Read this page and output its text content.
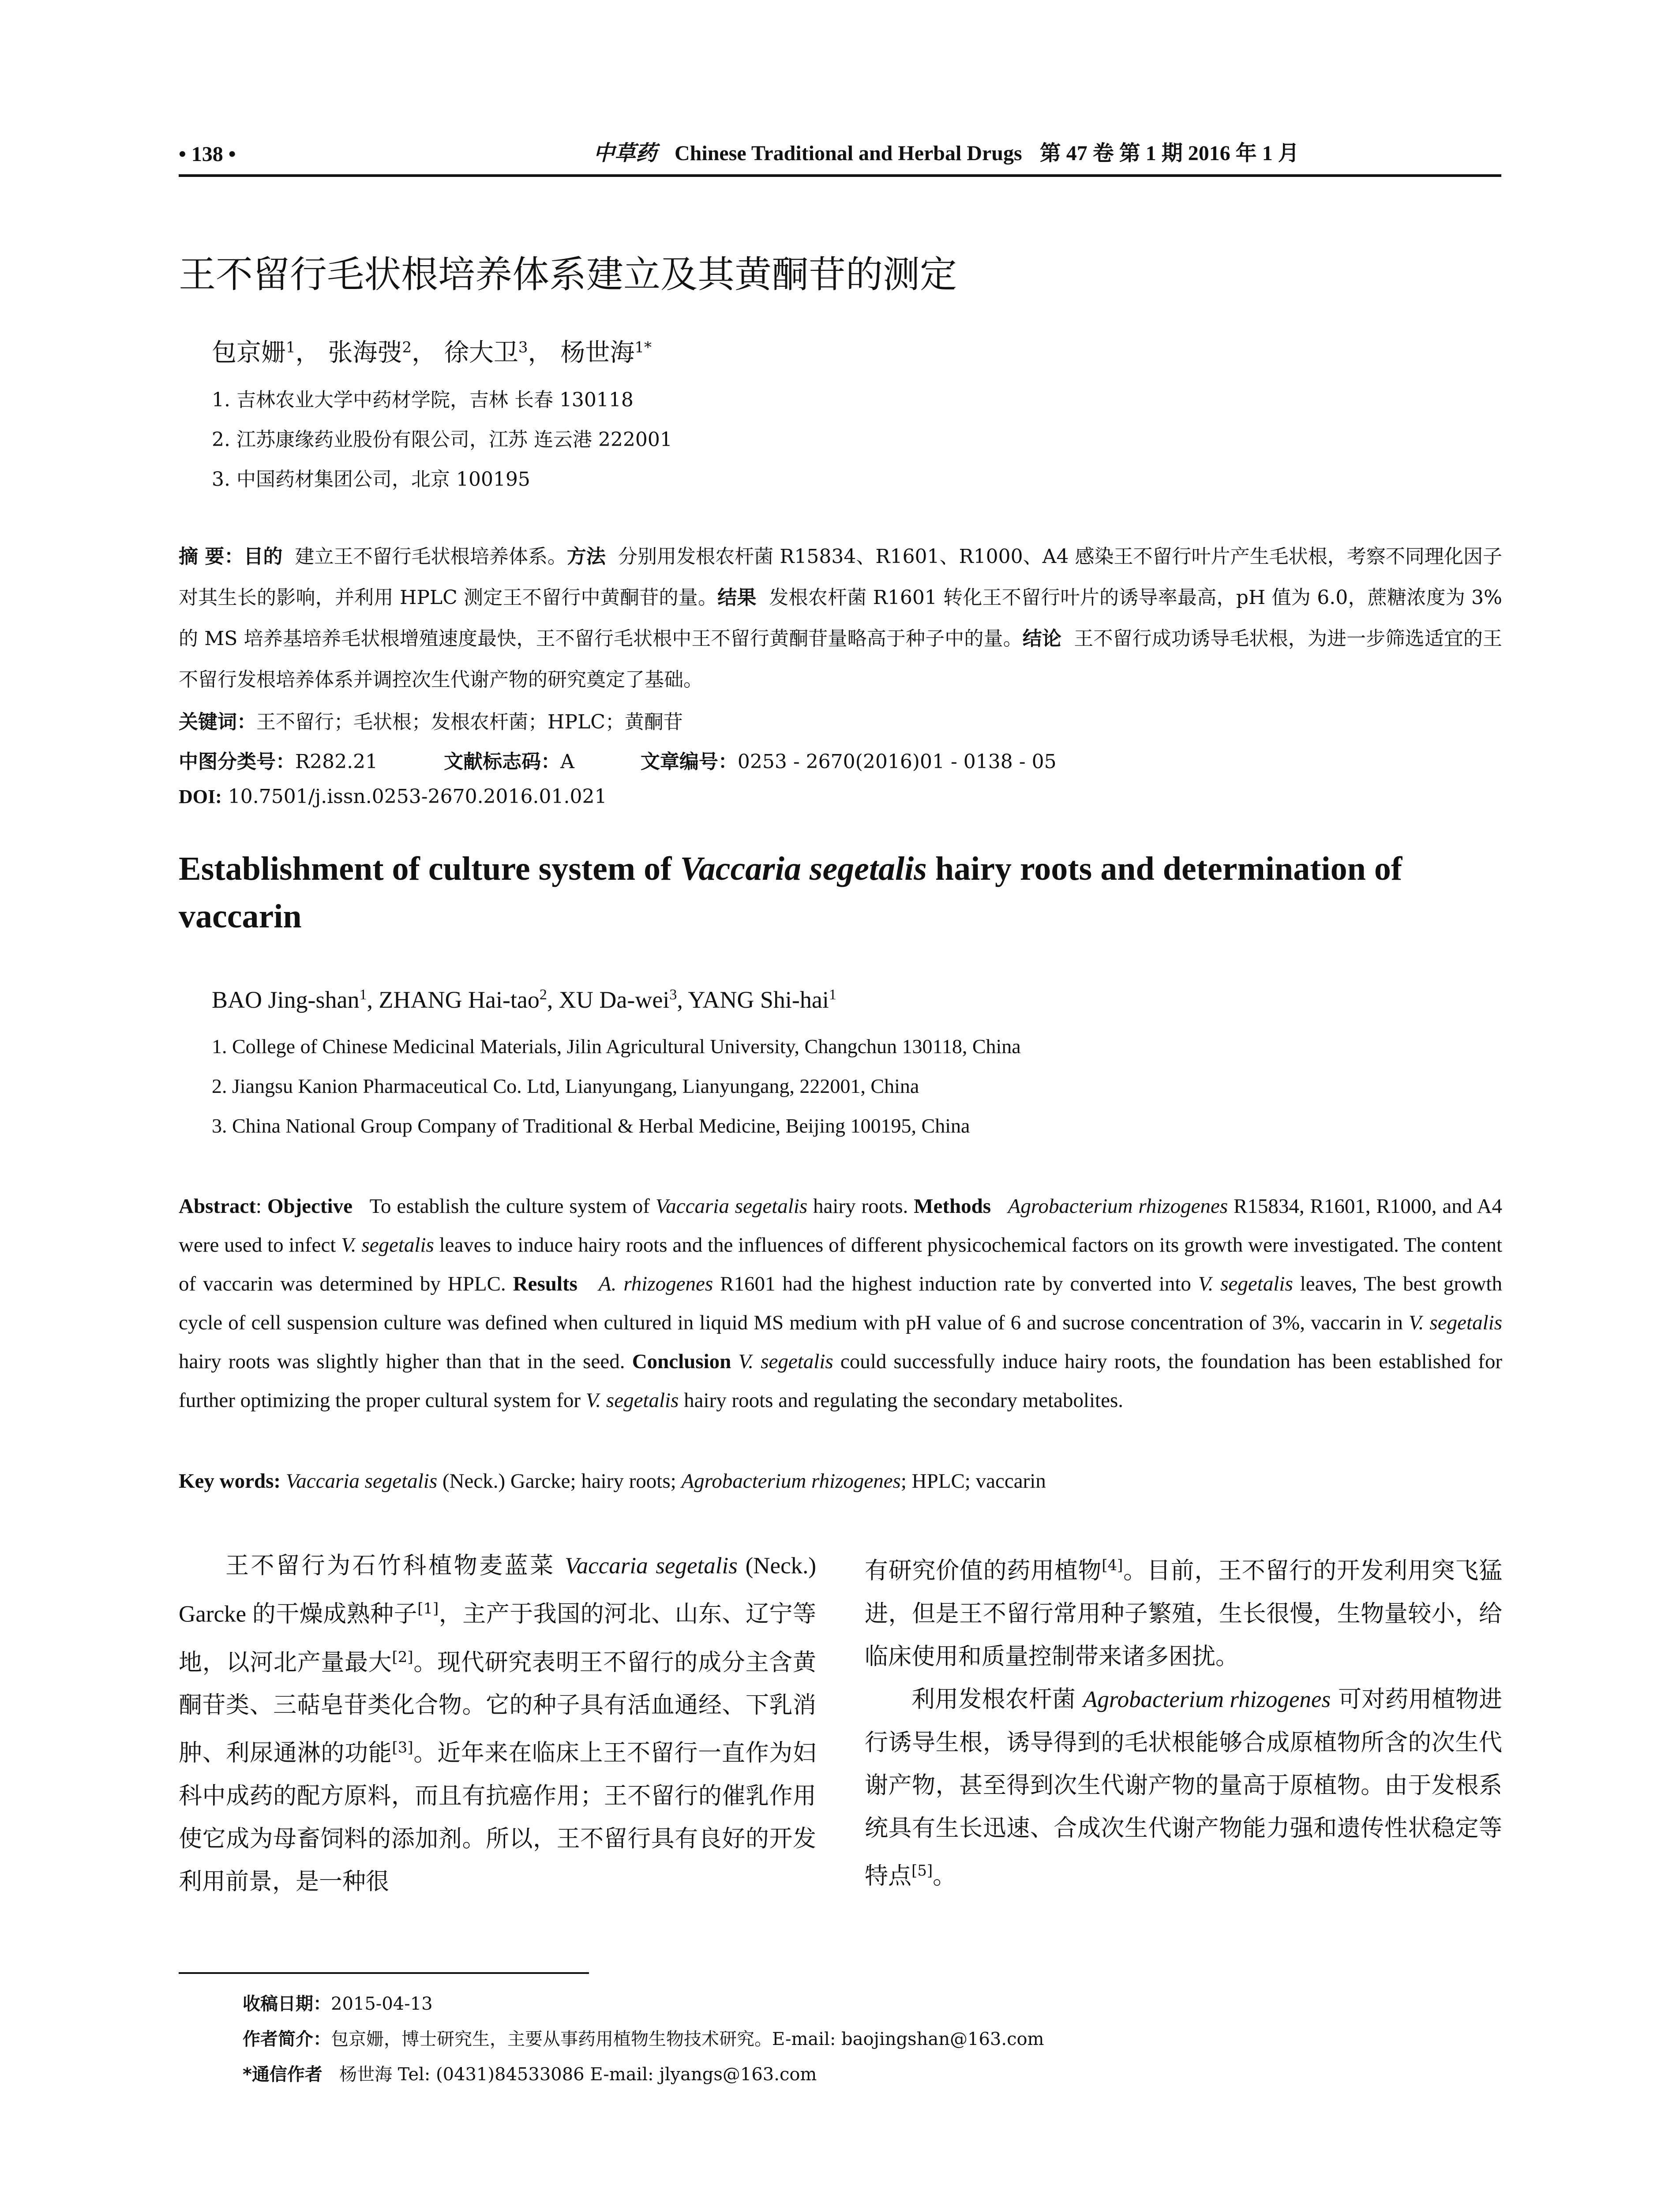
• 138 •	中草药 Chinese Traditional and Herbal Drugs 第 47 卷 第 1 期 2016 年 1 月
王不留行毛状根培养体系建立及其黄酮苷的测定
包京姗$^1$， 张海弢$^2$， 徐大卫$^3$， 杨世海$^{1*}$
1. 吉林农业大学中药材学院，吉林 长春 130118
2. 江苏康缘药业股份有限公司，江苏 连云港 222001
3. 中国药材集团公司，北京 100195
摘 要：目的 建立王不留行毛状根培养体系。方法 分别用发根农杆菌 R15834、R1601、R1000、A4 感染王不留行叶片产生毛状根，考察不同理化因子对其生长的影响，并利用 HPLC 测定王不留行中黄酮苷的量。结果 发根农杆菌 R1601 转化王不留行叶片的诱导率最高，pH 值为 6.0，蔗糖浓度为 3%的 MS 培养基培养毛状根增殖速度最快，王不留行毛状根中王不留行黄酮苷量略高于种子中的量。结论 王不留行成功诱导毛状根，为进一步筛选适宜的王不留行发根培养体系并调控次生代谢产物的研究奠定了基础。
关键词：王不留行；毛状根；发根农杆菌；HPLC；黄酮苷
中图分类号：R282.21	文献标志码：A	文章编号：0253 - 2670(2016)01 - 0138 - 05
DOI: 10.7501/j.issn.0253-2670.2016.01.021
Establishment of culture system of Vaccaria segetalis hairy roots and determination of vaccarin
BAO Jing-shan$^1$, ZHANG Hai-tao$^2$, XU Da-wei$^3$, YANG Shi-hai$^1$
1. College of Chinese Medicinal Materials, Jilin Agricultural University, Changchun 130118, China
2. Jiangsu Kanion Pharmaceutical Co. Ltd, Lianyungang, Lianyungang, 222001, China
3. China National Group Company of Traditional & Herbal Medicine, Beijing 100195, China
Abstract: Objective To establish the culture system of Vaccaria segetalis hairy roots. Methods Agrobacterium rhizogenes R15834, R1601, R1000, and A4 were used to infect V. segetalis leaves to induce hairy roots and the influences of different physicochemical factors on its growth were investigated. The content of vaccarin was determined by HPLC. Results A. rhizogenes R1601 had the highest induction rate by converted into V. segetalis leaves, The best growth cycle of cell suspension culture was defined when cultured in liquid MS medium with pH value of 6 and sucrose concentration of 3%, vaccarin in V. segetalis hairy roots was slightly higher than that in the seed. Conclusion V. segetalis could successfully induce hairy roots, the foundation has been established for further optimizing the proper cultural system for V. segetalis hairy roots and regulating the secondary metabolites.
Key words: Vaccaria segetalis (Neck.) Garcke; hairy roots; Agrobacterium rhizogenes; HPLC; vaccarin

王不留行为石竹科植物麦蓝菜 Vaccaria segetalis (Neck.) Garcke 的干燥成熟种子[1]，主产于我国的河北、山东、辽宁等地，以河北产量最大[2]。现代研究表明王不留行的成分主含黄酮苷类、三萜皂苷类化合物。它的种子具有活血通经、下乳消肿、利尿通淋的功能[3]。近年来在临床上王不留行一直作为妇科中成药的配方原料，而且有抗癌作用；王不留行的催乳作用使它成为母畜饲料的添加剂。所以，王不留行具有良好的开发利用前景，是一种很

有研究价值的药用植物[4]。目前，王不留行的开发利用突飞猛进，但是王不留行常用种子繁殖，生长很慢，生物量较小，给临床使用和质量控制带来诸多困扰。

利用发根农杆菌 Agrobacterium rhizogenes 可对药用植物进行诱导生根，诱导得到的毛状根能够合成原植物所含的次生代谢产物，甚至得到次生代谢产物的量高于原植物。由于发根系统具有生长迅速、合成次生代谢产物能力强和遗传性状稳定等特点[5]。

收稿日期：2015-04-13
作者简介：包京姗，博士研究生，主要从事药用植物生物技术研究。E-mail: baojingshan@163.com
*通信作者 杨世海 Tel: (0431)84533086 E-mail: jlyangs@163.com
